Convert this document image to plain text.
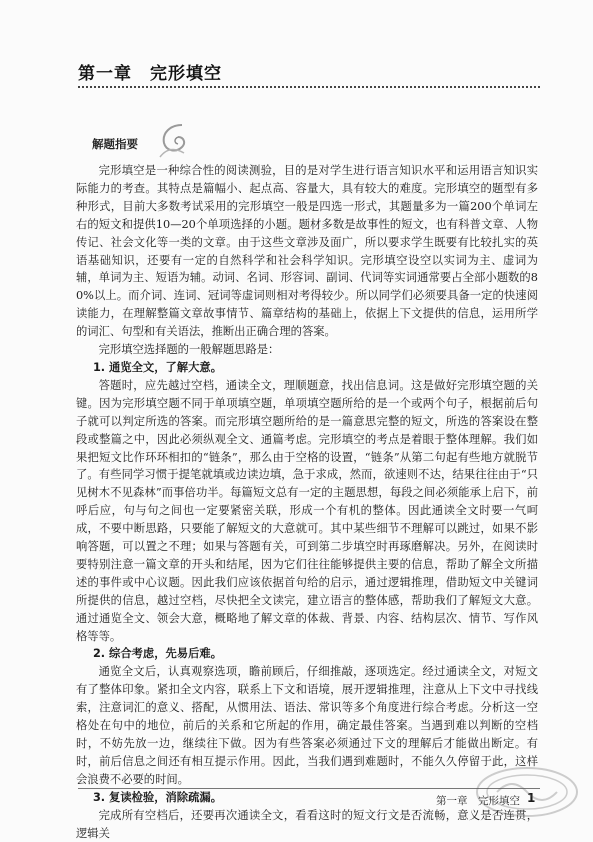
第一章　完形填空
解题指要

完形填空是一种综合性的阅读测验，目的是对学生进行语言知识水平和运用语言知识实际能力的考查。其特点是篇幅小、起点高、容量大，具有较大的难度。完形填空的题型有多种形式，目前大多数考试采用的完形填空一般是四选一形式，其题量多为一篇200个单词左右的短文和提供10—20个单项选择的小题。题材多数是故事性的短文，也有科普文章、人物传记、社会文化等一类的文章。由于这些文章涉及面广，所以要求学生既要有比较扎实的英语基础知识，还要有一定的自然科学和社会科学知识。完形填空设空以实词为主、虚词为辅，单词为主、短语为辅。动词、名词、形容词、副词、代词等实词通常要占全部小题数的80%以上。而介词、连词、冠词等虚词则相对考得较少。所以同学们必须要具备一定的快速阅读能力，在理解整篇文章故事情节、篇章结构的基础上，依据上下文提供的信息，运用所学的词汇、句型和有关语法，推断出正确合理的答案。

完形填空选择题的一般解题思路是：

1. 通览全文，了解大意。

答题时，应先越过空档，通读全文，理顺题意，找出信息词。这是做好完形填空题的关键。因为完形填空题不同于单项填空题，单项填空题所给的是一个或两个句子，根据前后句子就可以判定所选的答案。而完形填空题所给的是一篇意思完整的短文，所选的答案设在整段或整篇之中，因此必须纵观全文、通篇考虑。完形填空的考点是着眼于整体理解。我们如果把短文比作环环相扣的“链条”，那么由于空格的设置，“链条”从第二句起有些地方就脱节了。有些同学习惯于提笔就填或边读边填，急于求成，然而，欲速则不达，结果往往由于“只见树木不见森林”而事倍功半。每篇短文总有一定的主题思想，每段之间必须能承上启下，前呼后应，句与句之间也一定要紧密关联，形成一个有机的整体。因此通读全文时要一气呵成，不要中断思路，只要能了解短文的大意就可。其中某些细节不理解可以跳过，如果不影响答题，可以置之不理；如果与答题有关，可到第二步填空时再琢磨解决。另外，在阅读时要特别注意一篇文章的开头和结尾，因为它们往往能够提供主要的信息，帮助了解全文所描述的事件或中心议题。因此我们应该依据首句给的启示，通过逻辑推理，借助短文中关键词所提供的信息，越过空档，尽快把全文读完，建立语言的整体感，帮助我们了解短文大意。通过通览全文、领会大意，概略地了解文章的体裁、背景、内容、结构层次、情节、写作风格等等。

2. 综合考虑，先易后难。

通览全文后，认真观察选项，瞻前顾后，仔细推敲，逐项选定。经过通读全文，对短文有了整体印象。紧扣全文内容，联系上下文和语境，展开逻辑推理，注意从上下文中寻找线索，注意词汇的意义、搭配，从惯用法、语法、常识等多个角度进行综合考虑。分析这一空格处在句中的地位，前后的关系和它所起的作用，确定最佳答案。当遇到难以判断的空档时，不妨先放一边，继续往下做。因为有些答案必须通过下文的理解后才能做出断定。有时，前后信息之间还有相互提示作用。因此，当我们遇到难题时，不能久久停留于此，这样会浪费不必要的时间。

3. 复读检验，消除疏漏。

完成所有空档后，还要再次通读全文，看看这时的短文行文是否流畅，意义是否连贯，逻辑关

第一章　完形填空 1
